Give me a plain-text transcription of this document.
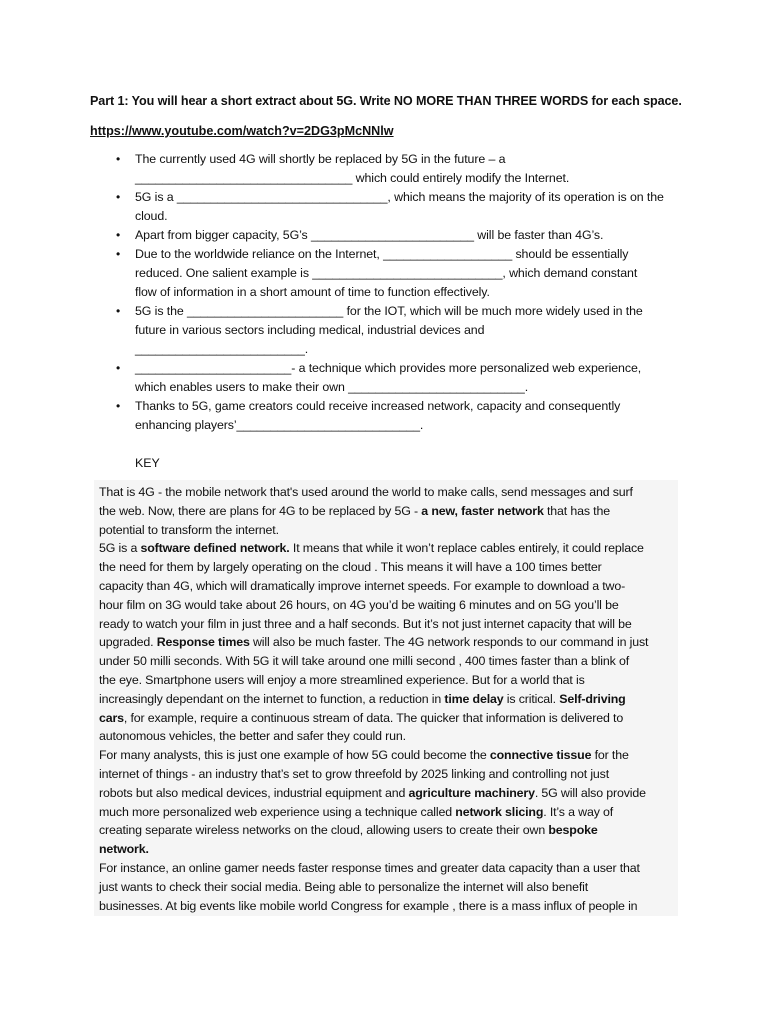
Part 1: You will hear a short extract about 5G. Write NO MORE THAN THREE WORDS for each space.
https://www.youtube.com/watch?v=2DG3pMcNNlw
• The currently used 4G will shortly be replaced by 5G in the future – a
________________________________ which could entirely modify the Internet.
• 5G is a _______________________________, which means the majority of its operation is on the
cloud.
• Apart from bigger capacity, 5G’s ________________________ will be faster than 4G’s.
• Due to the worldwide reliance on the Internet, ___________________ should be essentially
reduced. One salient example is ____________________________, which demand constant
flow of information in a short amount of time to function effectively.
• 5G is the _______________________ for the IOT, which will be much more widely used in the
future in various sectors including medical, industrial devices and
_________________________.
• _______________________- a technique which provides more personalized web experience,
which enables users to make their own __________________________.
• Thanks to 5G, game creators could receive increased network, capacity and consequently
enhancing players’___________________________.
KEY

That is 4G - the mobile network that's used around the world to make calls, send messages and surf

the web. Now, there are plans for 4G to be replaced by 5G - a new, faster network that has the

potential to transform the internet.

5G is a software defined network. It means that while it won’t replace cables entirely, it could replace

the need for them by largely operating on the cloud . This means it will have a 100 times better

capacity than 4G, which will dramatically improve internet speeds. For example to download a two-

hour film on 3G would take about 26 hours, on 4G you’d be waiting 6 minutes and on 5G you’ll be

ready to watch your film in just three and a half seconds. But it’s not just internet capacity that will be

upgraded. Response times will also be much faster. The 4G network responds to our command in just

under 50 milli seconds. With 5G it will take around one milli second , 400 times faster than a blink of

the eye. Smartphone users will enjoy a more streamlined experience. But for a world that is

increasingly dependant on the internet to function, a reduction in time delay is critical. Self-driving

cars, for example, require a continuous stream of data. The quicker that information is delivered to

autonomous vehicles, the better and safer they could run.

For many analysts, this is just one example of how 5G could become the connective tissue for the

internet of things - an industry that’s set to grow threefold by 2025 linking and controlling not just

robots but also medical devices, industrial equipment and agriculture machinery. 5G will also provide

much more personalized web experience using a technique called network slicing. It’s a way of

creating separate wireless networks on the cloud, allowing users to create their own bespoke

network.

For instance, an online gamer needs faster response times and greater data capacity than a user that

just wants to check their social media. Being able to personalize the internet will also benefit

businesses. At big events like mobile world Congress for example , there is a mass influx of people in
